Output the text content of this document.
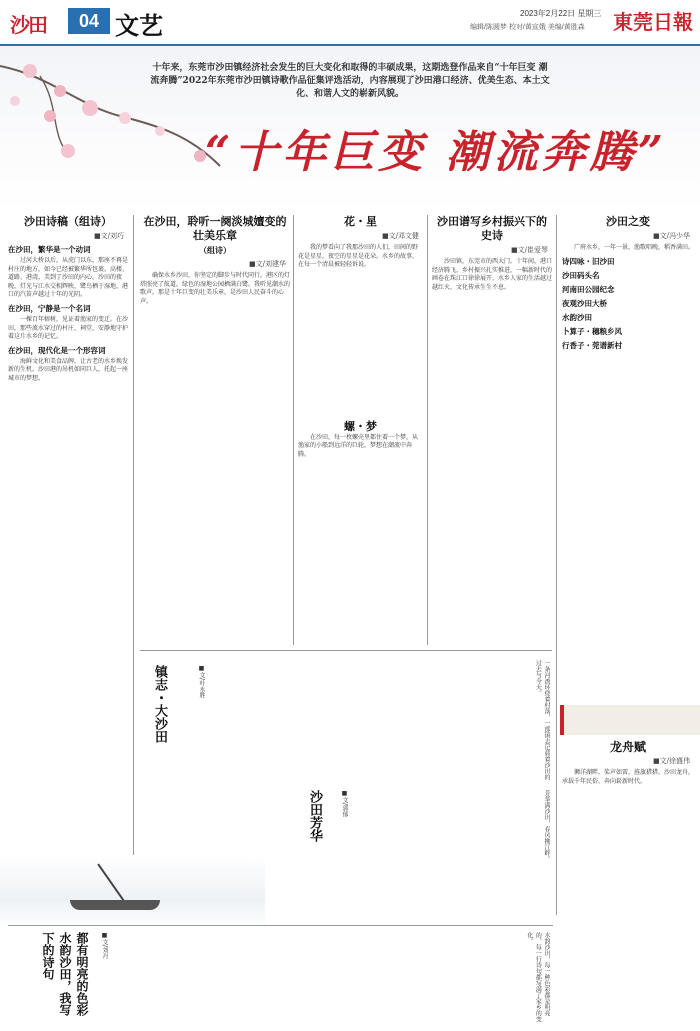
沙田	04 文艺	2023年2月22日 星期三
编辑/陈圆梦 校对/黄宣娥 美编/黄胜森 東莞日報
十年来，东莞市沙田镇经济社会发生的巨大变化和取得的丰硕成果，这期选登作品来自“十年巨变 潮流奔腾”2022年东莞市沙田镇诗歌作品征集评选活动，内容展现了沙田港口经济、优美生态、本土文化、和谐人文的崭新风貌。
“十年巨变 潮流奔腾”
沙田诗稿（组诗）
■文/刘巧
在沙田，繁华是一个动词
过河大桥以后，从虎门以东，那座不再是村庄的地方，如今已经被繁华所包裹。高楼、道路、港湾，美到了沙田的内心。沙田的夜晚，灯光与江水交相辉映，鹭鸟栖于湿地，港口的汽笛声越过十年的光阴。
在沙田，宁静是一个名词
一棵百年榕树，见证着渔家的变迁。在沙田，那些流水穿过的村庄、祠堂，安静地守护着这片水乡的记忆。
在沙田，现代化是一个形容词
海鲜文化和美食品牌，让古老的水乡焕发新的生机。沙田港的吊机如同巨人，托起一座城市的梦想。
在沙田，聆听一阕淡城嬗变的壮美乐章
（组诗）
■文/刘建华
确保水乡沙田，你坚定的脚步与时代同行。港区的灯塔照亮了航道，绿色的湿地公园栖满白鹭。我听见潮水的歌声，那是十年巨变的壮美乐章，是沙田人民奋斗的心声。
花・星
■文/邓文健
我的梦看向了我那沙田的人们，田间的野花是星星，夜空的星星是花朵。水乡的故事，在每一个清晨被轻轻诉说。
螺・梦
在沙田，每一枚螺壳里都住着一个梦。从渔家的小船到远洋的巨轮，梦想在潮流中奔腾。
沙田谱写乡村振兴下的史诗
■文/崔爱琴
沙田镇，东莞市的西大门。十年间，港口经济腾飞，乡村振兴扎实推进，一幅新时代的画卷在珠江口徐徐展开。水乡人家的生活越过越红火，文化传承生生不息。
沙田之变
■文/冯少华
广府水乡，一年一景，渔歌唱晚，稻香满田。
诗四咏・旧沙田
沙田码头名
河南田公园纪念
夜观沙田大桥
水韵沙田
卜算子・穗粮乡风
行香子・莞谱新村
龙舟赋
■文/徐盛伟
狮洋湖畔，桨声如雷，旌旗猎猎。沙田龙舟，承载千年民俗，奔向崭新时代。
镇志・大沙田	■文/叶永胜	一条河流环绕着村落，一部镇志记载着沙田的过去与今天。
沙田芳华	■文/郭郁	芳华满沙田，春风拂江畔。
都有明亮的色彩 水韵沙田，我写下的诗句	■文/刘丹	水韵沙田，每一种色彩都是明亮的，每一行诗句都写满了家乡的变化。
